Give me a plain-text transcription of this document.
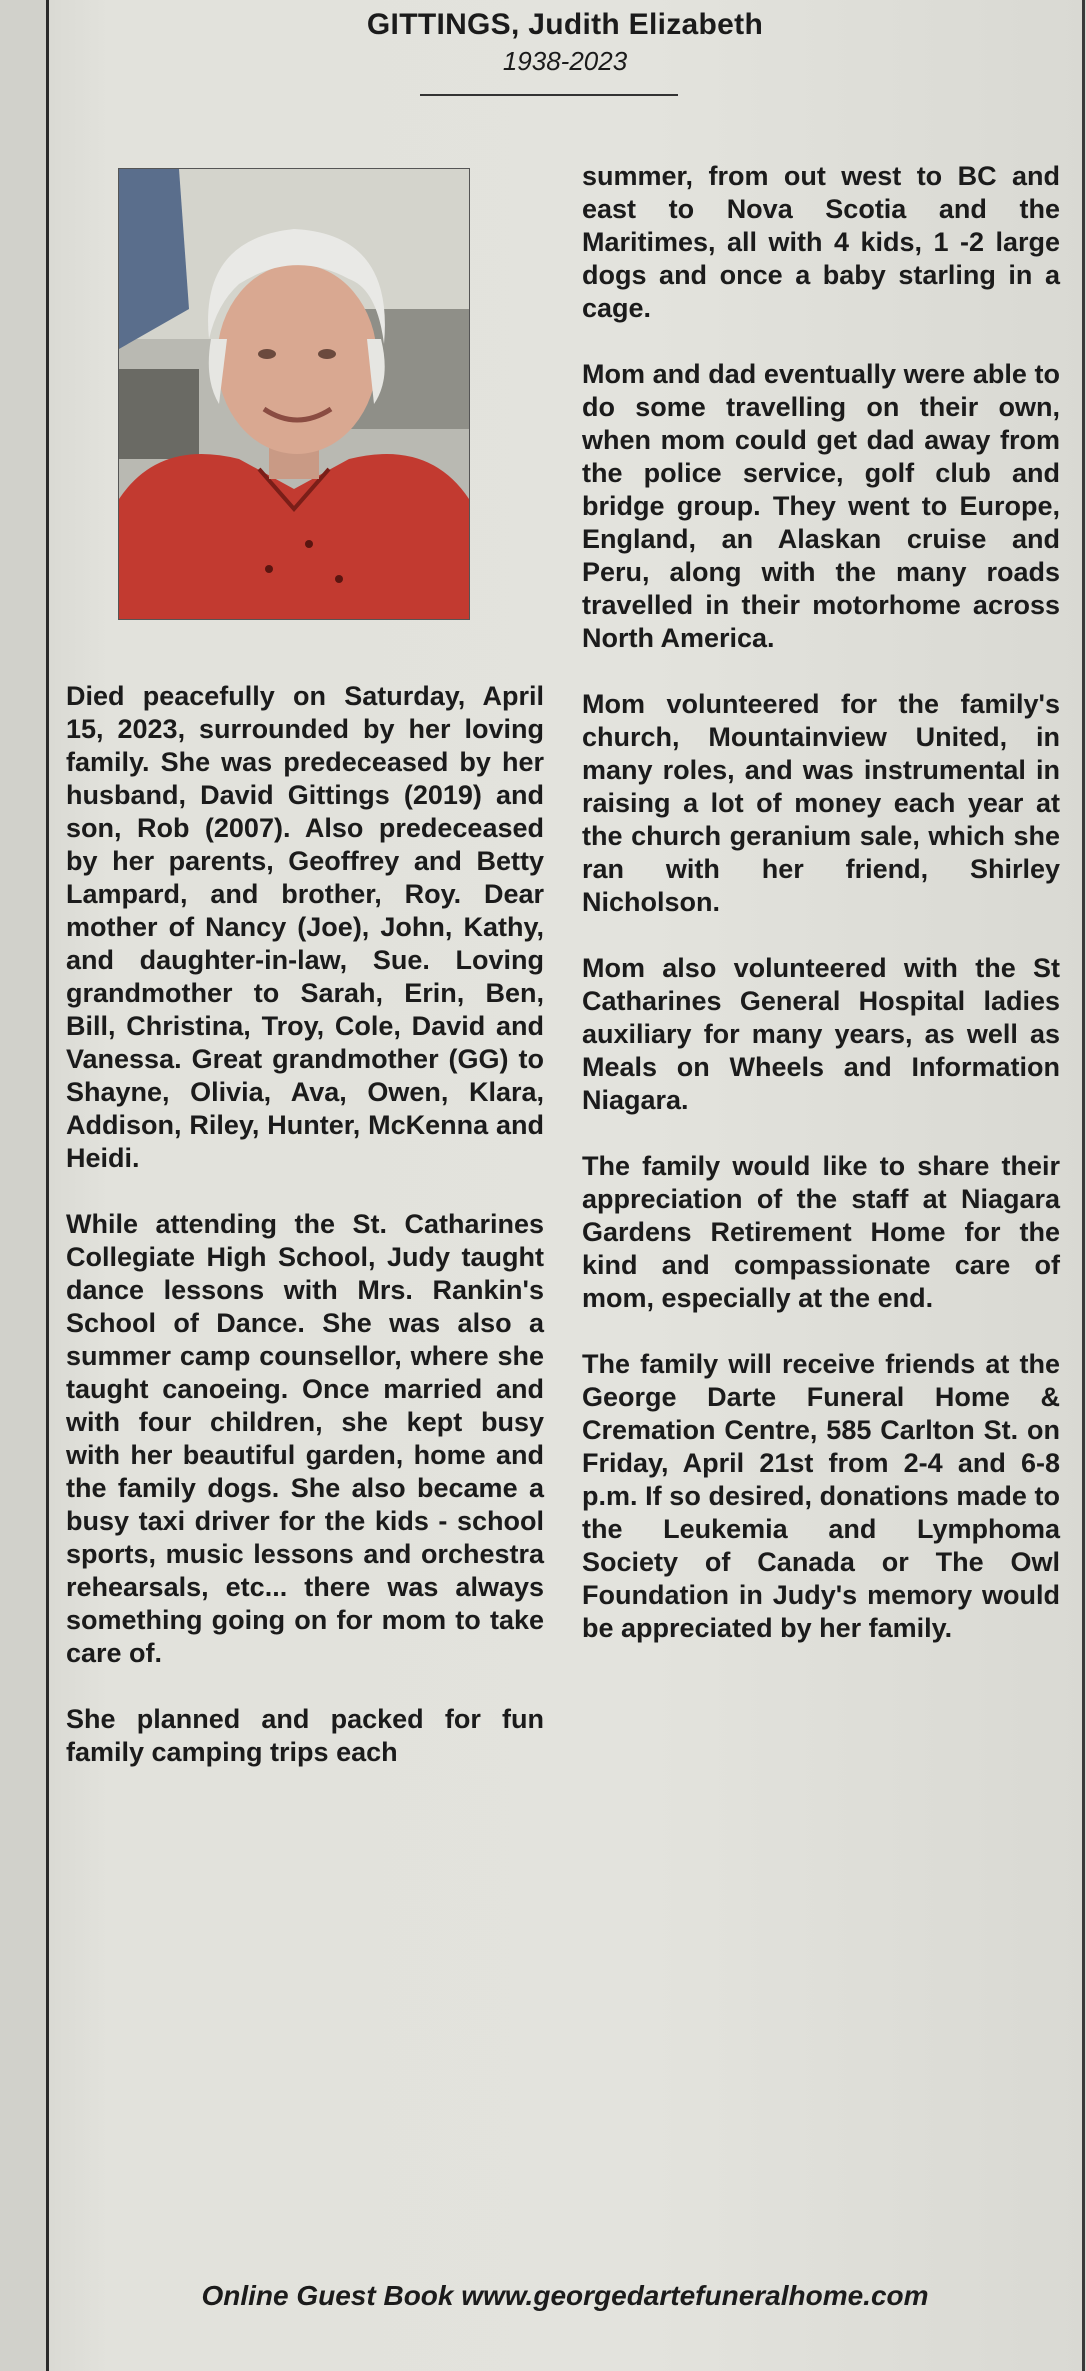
GITTINGS, Judith Elizabeth
1938-2023

Died peacefully on Saturday, April 15, 2023, surrounded by her loving family. She was predeceased by her husband, David Gittings (2019) and son, Rob (2007). Also predeceased by her parents, Geoffrey and Betty Lampard, and brother, Roy. Dear mother of Nancy (Joe), John, Kathy, and daughter-in-law, Sue. Loving grandmother to Sarah, Erin, Ben, Bill, Christina, Troy, Cole, David and Vanessa. Great grandmother (GG) to Shayne, Olivia, Ava, Owen, Klara, Addison, Riley, Hunter, McKenna and Heidi.

While attending the St. Catharines Collegiate High School, Judy taught dance lessons with Mrs. Rankin's School of Dance. She was also a summer camp counsellor, where she taught canoeing. Once married and with four children, she kept busy with her beautiful garden, home and the family dogs. She also became a busy taxi driver for the kids - school sports, music lessons and orchestra rehearsals, etc... there was always something going on for mom to take care of.

She planned and packed for fun family camping trips each

summer, from out west to BC and east to Nova Scotia and the Maritimes, all with 4 kids, 1 -2 large dogs and once a baby starling in a cage.

Mom and dad eventually were able to do some travelling on their own, when mom could get dad away from the police service, golf club and bridge group. They went to Europe, England, an Alaskan cruise and Peru, along with the many roads travelled in their motorhome across North America.

Mom volunteered for the family's church, Mountainview United, in many roles, and was instrumental in raising a lot of money each year at the church geranium sale, which she ran with her friend, Shirley Nicholson.

Mom also volunteered with the St Catharines General Hospital ladies auxiliary for many years, as well as Meals on Wheels and Information Niagara.

The family would like to share their appreciation of the staff at Niagara Gardens Retirement Home for the kind and compassionate care of mom, especially at the end.

The family will receive friends at the George Darte Funeral Home & Cremation Centre, 585 Carlton St. on Friday, April 21st from 2-4 and 6-8 p.m. If so desired, donations made to the Leukemia and Lymphoma Society of Canada or The Owl Foundation in Judy's memory would be appreciated by her family.

Online Guest Book www.georgedartefuneralhome.com
